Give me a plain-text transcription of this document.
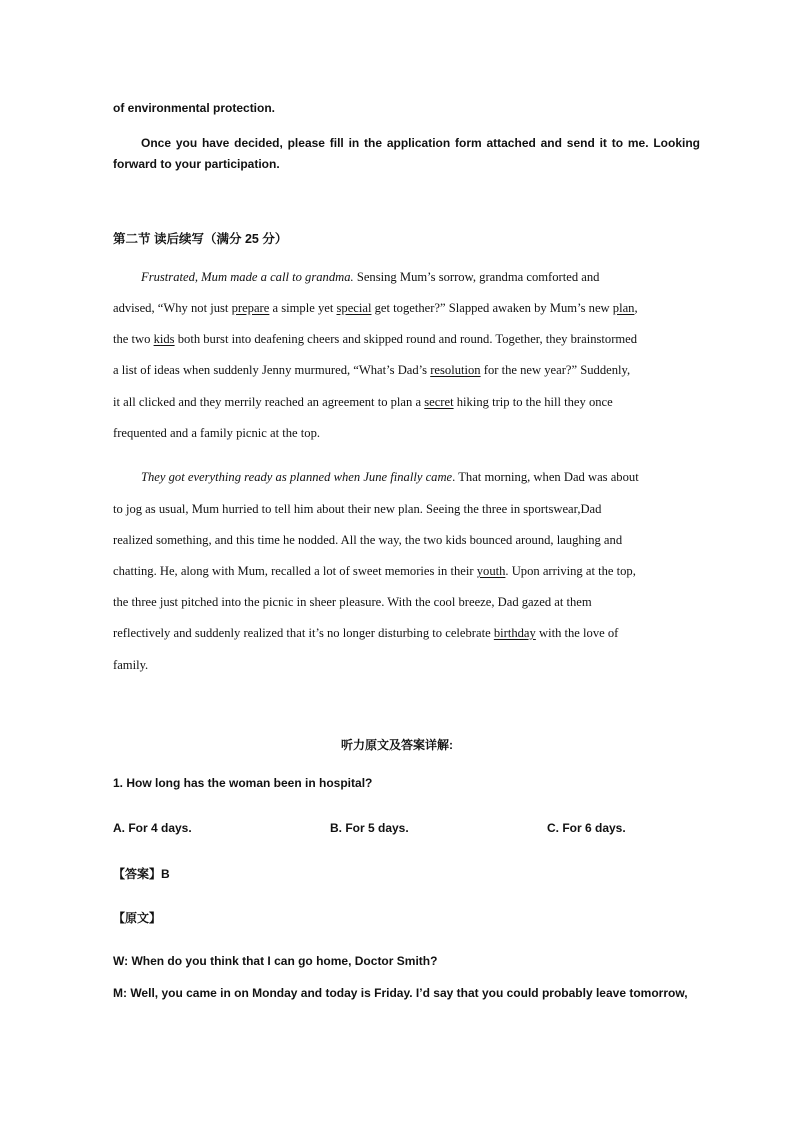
of environmental protection.
Once you have decided, please fill in the application form attached and send it to me. Looking
forward to your participation.
第二节 读后续写（满分 25 分）
Frustrated, Mum made a call to grandma. Sensing Mum’s sorrow, grandma comforted and
advised, “Why not just prepare a simple yet special get together?” Slapped awaken by Mum’s new plan,
the two kids both burst into deafening cheers and skipped round and round. Together, they brainstormed
a list of ideas when suddenly Jenny murmured, “What’s Dad’s resolution for the new year?” Suddenly,
it all clicked and they merrily reached an agreement to plan a secret hiking trip to the hill they once
frequented and a family picnic at the top.
They got everything ready as planned when June finally came. That morning, when Dad was about
to jog as usual, Mum hurried to tell him about their new plan. Seeing the three in sportswear,Dad
realized something, and this time he nodded. All the way, the two kids bounced around, laughing and
chatting. He, along with Mum, recalled a lot of sweet memories in their youth. Upon arriving at the top,
the three just pitched into the picnic in sheer pleasure. With the cool breeze, Dad gazed at them
reflectively and suddenly realized that it’s no longer disturbing to celebrate birthday with the love of
family.
听力原文及答案详解:
1. How long has the woman been in hospital?
A. For 4 days.	B. For 5 days.	C. For 6 days.
【答案】B
【原文】
W: When do you think that I can go home, Doctor Smith?
M: Well, you came in on Monday and today is Friday. I’d say that you could probably leave tomorrow,
